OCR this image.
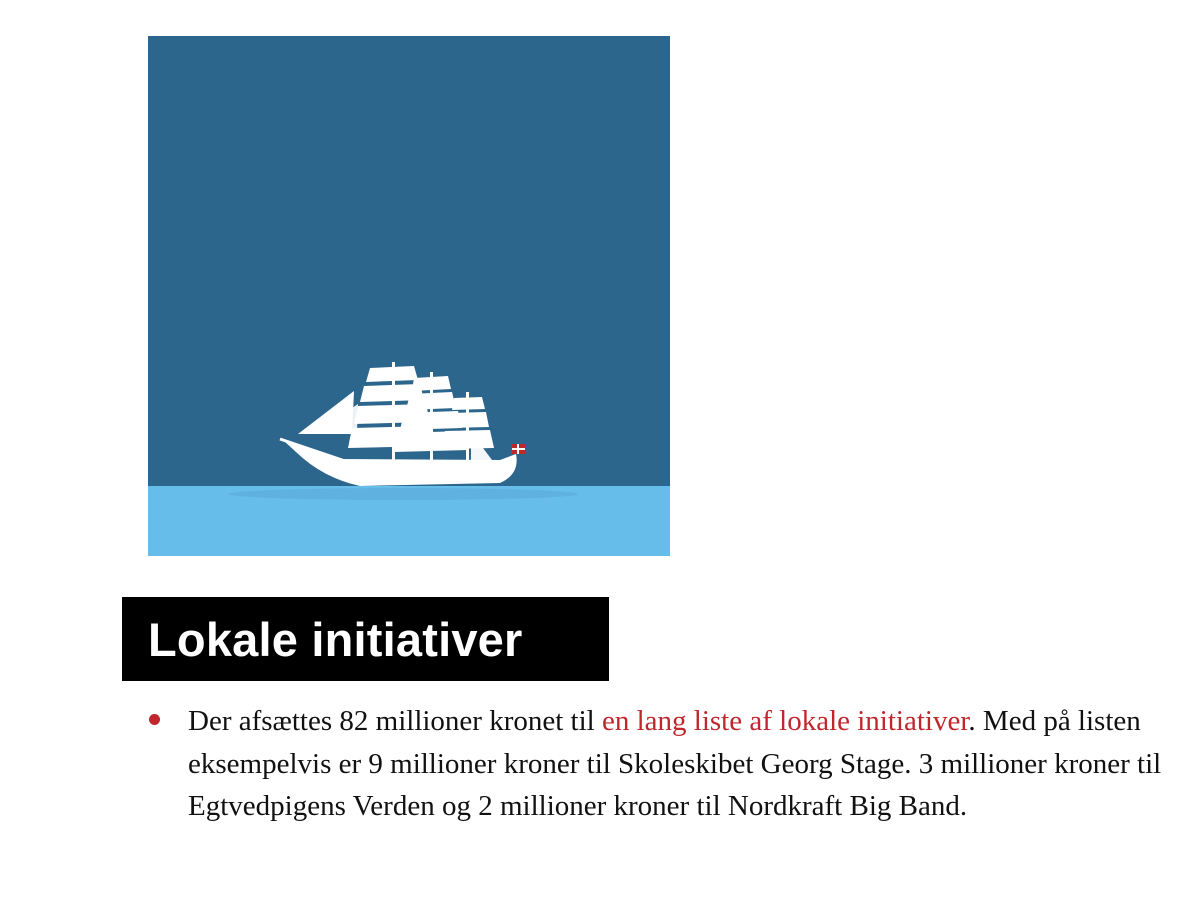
Lokale initiativer
Der afsættes 82 millioner kronet til en lang liste af lokale initiativer. Med på listen eksempelvis er 9 millioner kroner til Skoleskibet Georg Stage. 3 millioner kroner til Egtvedpigens Verden og 2 millioner kroner til Nordkraft Big Band.
